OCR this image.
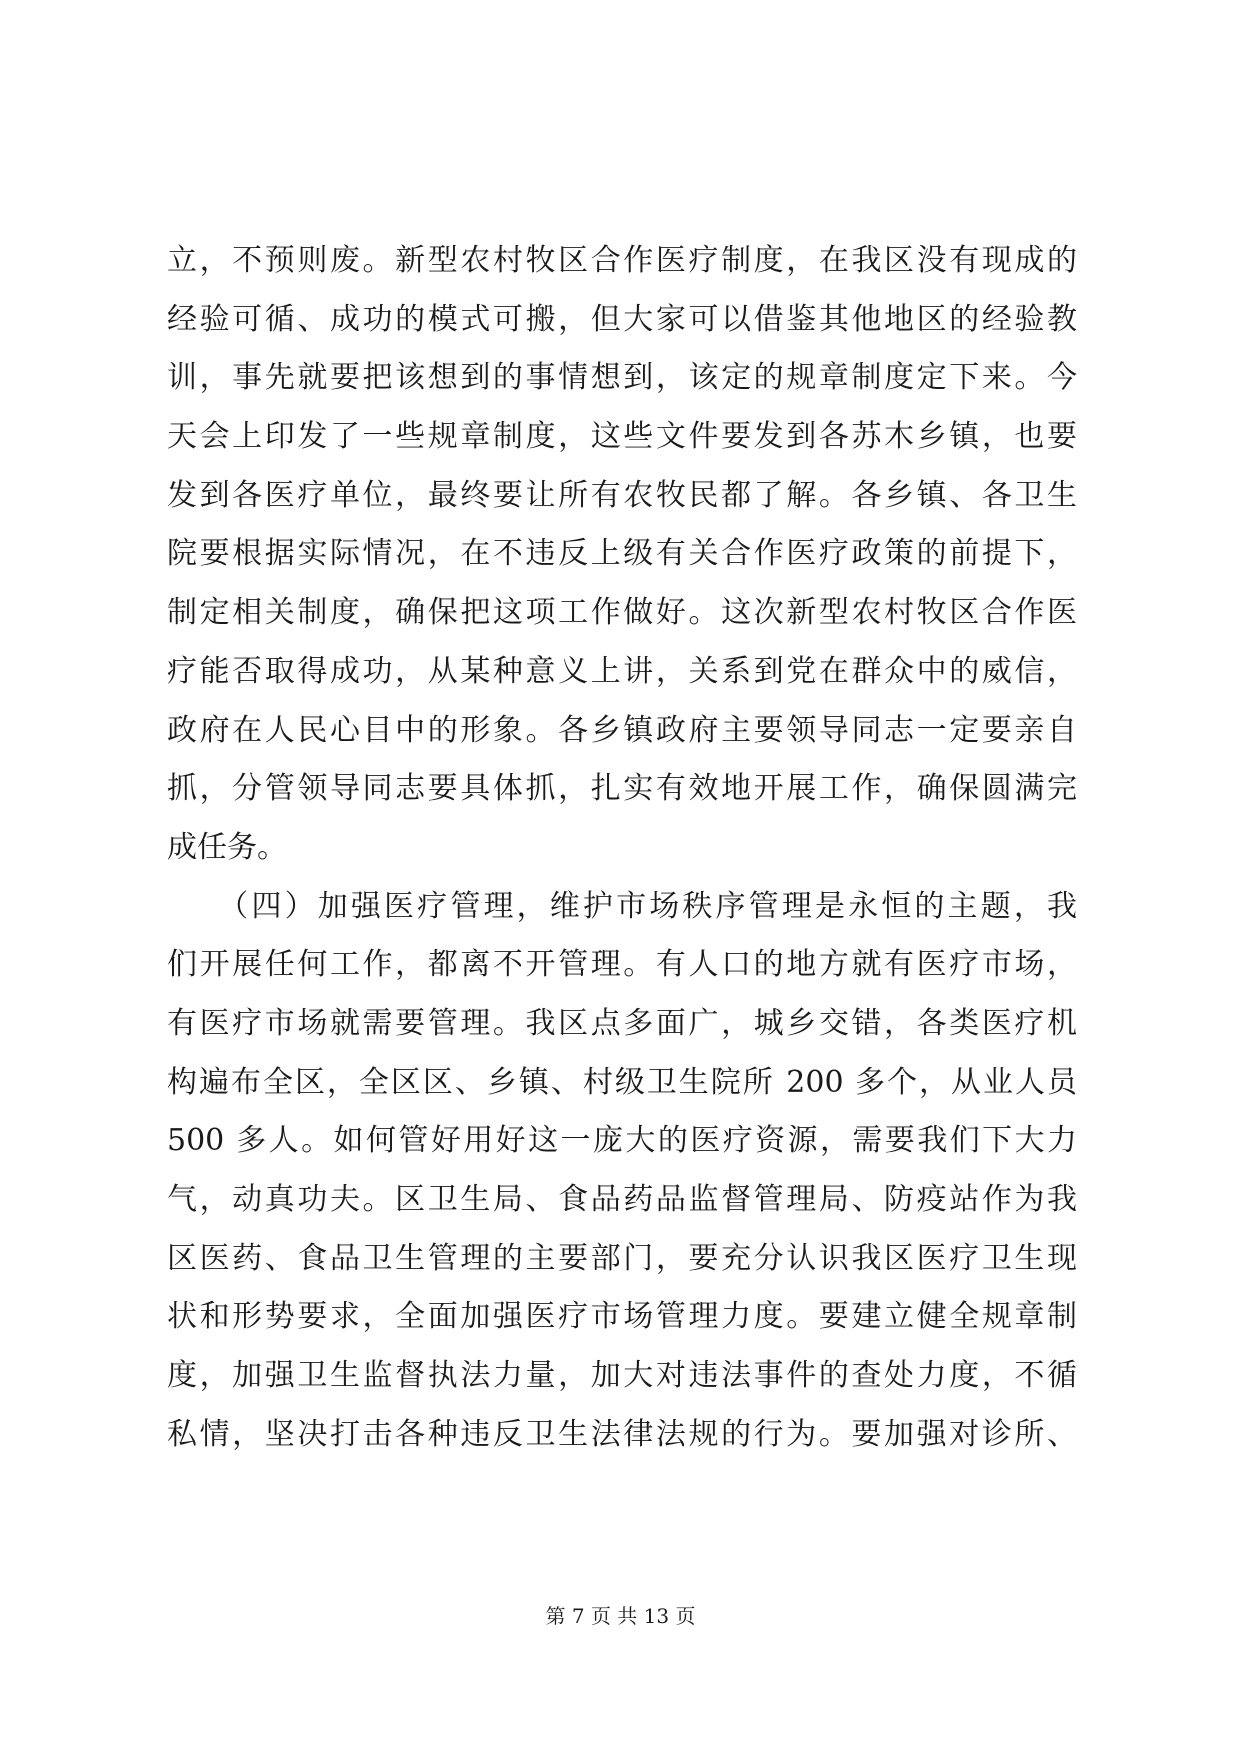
立，不预则废。新型农村牧区合作医疗制度，在我区没有现成的
经验可循、成功的模式可搬，但大家可以借鉴其他地区的经验教
训，事先就要把该想到的事情想到，该定的规章制度定下来。今
天会上印发了一些规章制度，这些文件要发到各苏木乡镇，也要
发到各医疗单位，最终要让所有农牧民都了解。各乡镇、各卫生
院要根据实际情况，在不违反上级有关合作医疗政策的前提下，
制定相关制度，确保把这项工作做好。这次新型农村牧区合作医
疗能否取得成功，从某种意义上讲，关系到党在群众中的威信，
政府在人民心目中的形象。各乡镇政府主要领导同志一定要亲自
抓，分管领导同志要具体抓，扎实有效地开展工作，确保圆满完
成任务。
　　（四）加强医疗管理，维护市场秩序管理是永恒的主题，我
们开展任何工作，都离不开管理。有人口的地方就有医疗市场，
有医疗市场就需要管理。我区点多面广，城乡交错，各类医疗机
构遍布全区，全区区、乡镇、村级卫生院所 200 多个，从业人员
500 多人。如何管好用好这一庞大的医疗资源，需要我们下大力
气，动真功夫。区卫生局、食品药品监督管理局、防疫站作为我
区医药、食品卫生管理的主要部门，要充分认识我区医疗卫生现
状和形势要求，全面加强医疗市场管理力度。要建立健全规章制
度，加强卫生监督执法力量，加大对违法事件的查处力度，不循
私情，坚决打击各种违反卫生法律法规的行为。要加强对诊所、
第 7 页 共 13 页
